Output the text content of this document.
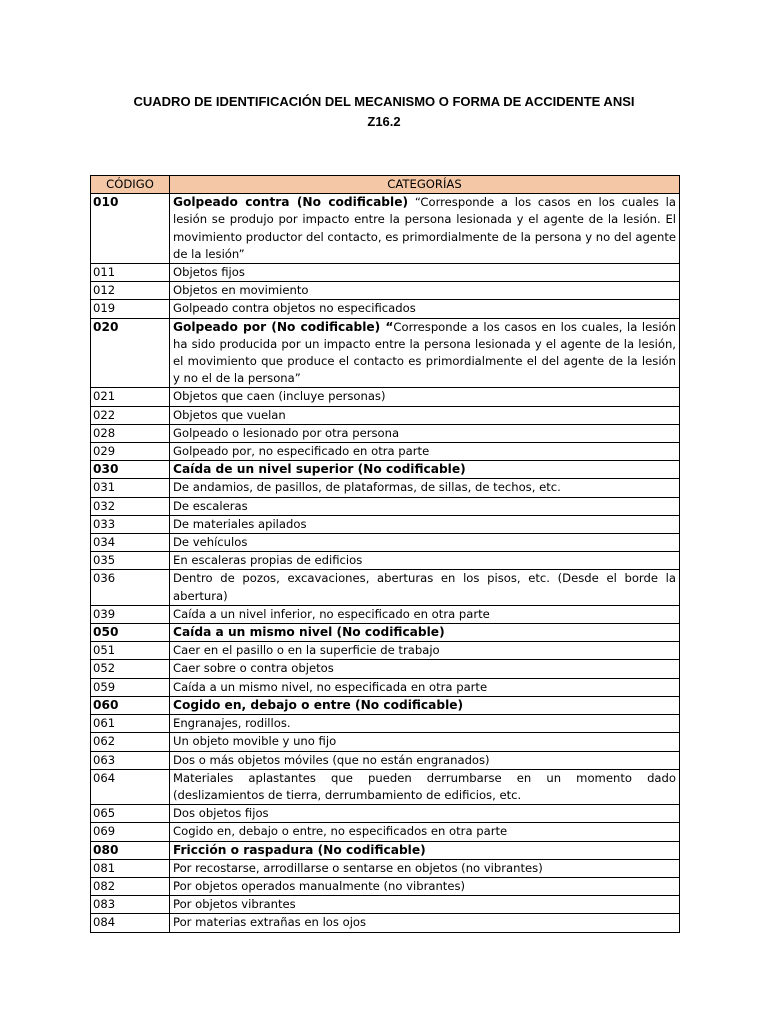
CUADRO DE IDENTIFICACIÓN DEL MECANISMO O FORMA DE ACCIDENTE ANSI
Z16.2
CÓDIGO	CATEGORÍAS
010	Golpeado contra (No codificable) “Corresponde a los casos en los cuales la lesión se produjo por impacto entre la persona lesionada y el agente de la lesión. El movimiento productor del contacto, es primordialmente de la persona y no del agente de la lesión”
011	Objetos fijos
012	Objetos en movimiento
019	Golpeado contra objetos no especificados
020	Golpeado por (No codificable) “Corresponde a los casos en los cuales, la lesión ha sido producida por un impacto entre la persona lesionada y el agente de la lesión, el movimiento que produce el contacto es primordialmente el del agente de la lesión y no el de la persona”
021	Objetos que caen (incluye personas)
022	Objetos que vuelan
028	Golpeado o lesionado por otra persona
029	Golpeado por, no especificado en otra parte
030	Caída de un nivel superior (No codificable)
031	De andamios, de pasillos, de plataformas, de sillas, de techos, etc.
032	De escaleras
033	De materiales apilados
034	De vehículos
035	En escaleras propias de edificios
036	Dentro de pozos, excavaciones, aberturas en los pisos, etc. (Desde el borde la abertura)
039	Caída a un nivel inferior, no especificado en otra parte
050	Caída a un mismo nivel (No codificable)
051	Caer en el pasillo o en la superficie de trabajo
052	Caer sobre o contra objetos
059	Caída a un mismo nivel, no especificada en otra parte
060	Cogido en, debajo o entre (No codificable)
061	Engranajes, rodillos.
062	Un objeto movible y uno fijo
063	Dos o más objetos móviles (que no están engranados)
064	Materiales aplastantes que pueden derrumbarse en un momento dado (deslizamientos de tierra, derrumbamiento de edificios, etc.
065	Dos objetos fijos
069	Cogido en, debajo o entre, no especificados en otra parte
080	Fricción o raspadura (No codificable)
081	Por recostarse, arrodillarse o sentarse en objetos (no vibrantes)
082	Por objetos operados manualmente (no vibrantes)
083	Por objetos vibrantes
084	Por materias extrañas en los ojos
